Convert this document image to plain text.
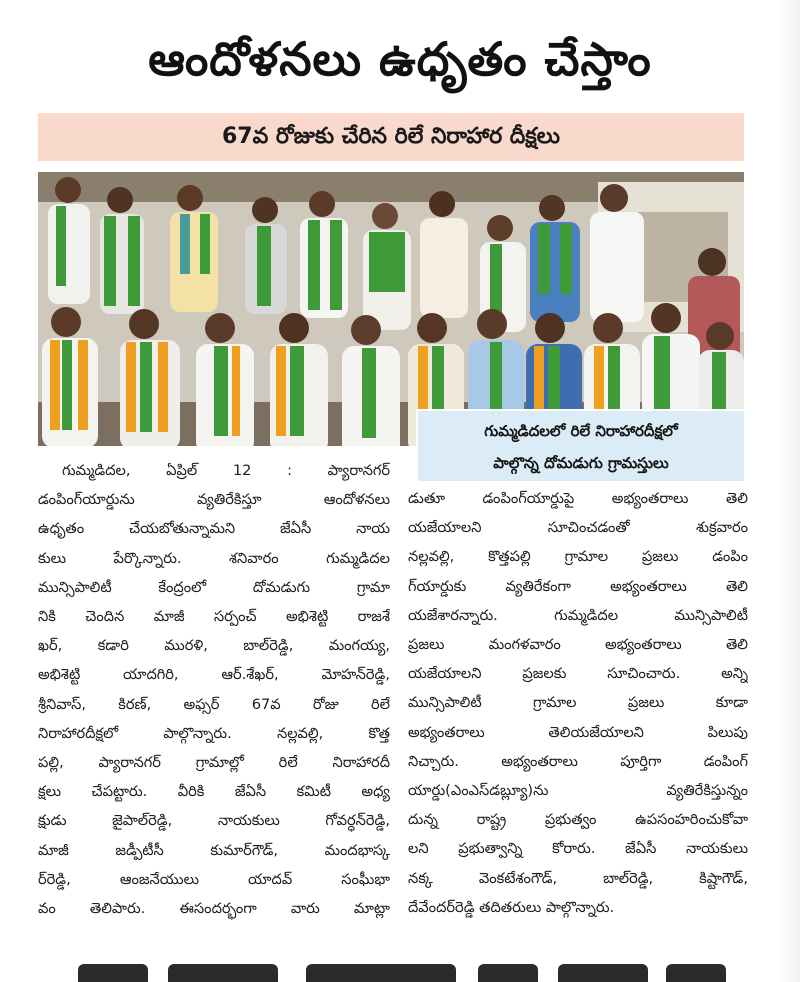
ఆందోళనలు ఉధృతం చేస్తాం
67వ రోజుకు చేరిన రిలే నిరాహార దీక్షలు
గుమ్మడిదలలో రిలే నిరాహారదీక్షలో
పాల్గొన్న దోమడుగు గ్రామస్తులు

గుమ్మడిదల, ఏప్రిల్ 12 : ప్యారానగర్

డంపింగ్‌యార్డును వ్యతిరేకిస్తూ ఆందోళనలు

ఉధృతం చేయబోతున్నామని జేఏసీ నాయ

కులు పేర్కొన్నారు. శనివారం గుమ్మడిదల

మున్సిపాలిటీ కేంద్రంలో దోమడుగు గ్రామా

నికి చెందిన మాజీ సర్పంచ్ అభిశెట్టి రాజశే

ఖర్, కడారి మురళి, బాల్‌రెడ్డి, మంగయ్య,

అభిశెట్టి యాదగిరి, ఆర్.శేఖర్, మోహన్‌రెడ్డి,

శ్రీనివాస్, కిరణ్, అఫ్సర్ 67వ రోజు రిలే

నిరాహారదీక్షలో పాల్గొన్నారు. నల్లవల్లి, కొత్త

పల్లి, ప్యారానగర్ గ్రామాల్లో రిలే నిరాహారదీ

క్షలు చేపట్టారు. వీరికి జేఏసీ కమిటీ అధ్య

క్షుడు జైపాల్‌రెడ్డి, నాయకులు గోవర్ధన్‌రెడ్డి,

మాజీ జడ్పీటీసీ కుమార్‌గౌడ్, మందభాస్క

ర్‌రెడ్డి, ఆంజనేయులు యాదవ్ సంఘీభా

వం తెలిపారు. ఈసందర్భంగా వారు మాట్లా

డుతూ డంపింగ్‌యార్డుపై అభ్యంతరాలు తెలి

యజేయాలని సూచించడంతో శుక్రవారం

నల్లవల్లి, కొత్తపల్లి గ్రామాల ప్రజలు డంపిం

గ్‌యార్డుకు వ్యతిరేకంగా అభ్యంతరాలు తెలి

యజేశారన్నారు. గుమ్మడిదల మున్సిపాలిటీ

ప్రజలు మంగళవారం అభ్యంతరాలు తెలి

యజేయాలని ప్రజలకు సూచించారు. అన్ని

మున్సిపాలిటీ గ్రామాల ప్రజలు కూడా

అభ్యంతరాలు తెలియజేయాలని పిలుపు

నిచ్చారు. అభ్యంతరాలు పూర్తిగా డంపింగ్

యార్డు(ఎంఎస్‌డబ్ల్యూ)ను వ్యతిరేకిస్తున్నం

దున్న రాష్ట్ర ప్రభుత్వం ఉపసంహరించుకోవా

లని ప్రభుత్వాన్ని కోరారు. జేఏసీ నాయకులు

నక్క వెంకటేశంగౌడ్, బాల్‌రెడ్డి, కిష్టాగౌడ్,

దేవేందర్‌రెడ్డి తదితరులు పాల్గొన్నారు.
